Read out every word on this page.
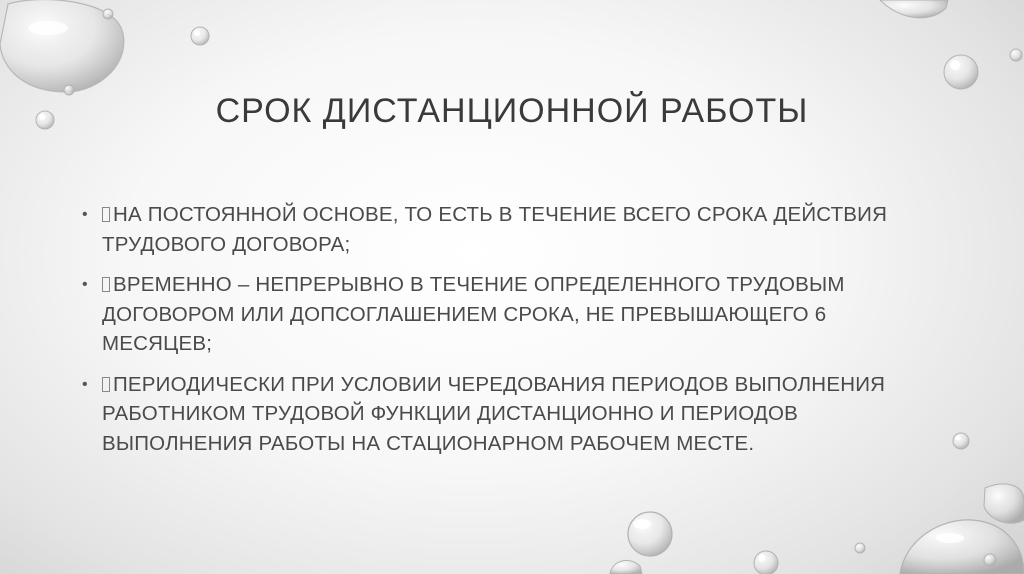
СРОК ДИСТАНЦИОННОЙ РАБОТЫ
• НА ПОСТОЯННОЙ ОСНОВЕ, ТО ЕСТЬ В ТЕЧЕНИЕ ВСЕГО СРОКА ДЕЙСТВИЯ ТРУДОВОГО ДОГОВОРА;
• ВРЕМЕННО – НЕПРЕРЫВНО В ТЕЧЕНИЕ ОПРЕДЕЛЕННОГО ТРУДОВЫМ ДОГОВОРОМ ИЛИ ДОПСОГЛАШЕНИЕМ СРОКА, НЕ ПРЕВЫШАЮЩЕГО 6 МЕСЯЦЕВ;
• ПЕРИОДИЧЕСКИ ПРИ УСЛОВИИ ЧЕРЕДОВАНИЯ ПЕРИОДОВ ВЫПОЛНЕНИЯ РАБОТНИКОМ ТРУДОВОЙ ФУНКЦИИ ДИСТАНЦИОННО И ПЕРИОДОВ ВЫПОЛНЕНИЯ РАБОТЫ НА СТАЦИОНАРНОМ РАБОЧЕМ МЕСТЕ.
